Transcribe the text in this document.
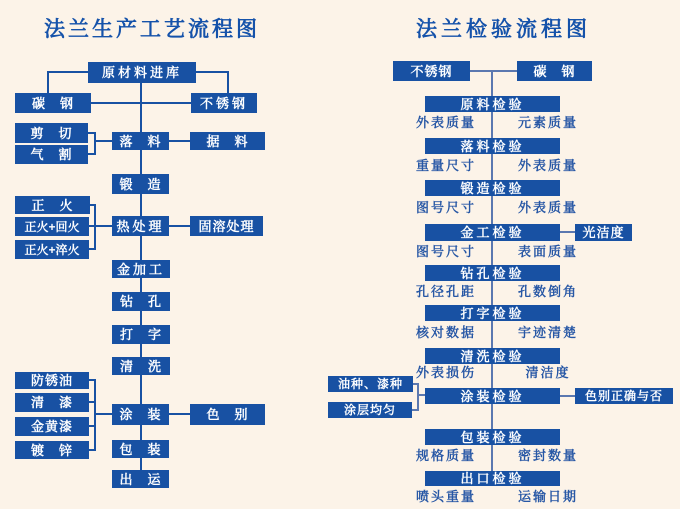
法兰生产工艺流程图
原材料进库
碳　钢	不锈钢
剪　切
气　割
落　料	据　料
锻　造
正　火
正火+回火
正火+淬火
热处理	固溶处理
金加工
钻　孔
打　字
清　洗
防锈油
清　漆
金黄漆
镀　锌
涂　装	色　别
包　装
出　运
法兰检验流程图
不锈钢	碳　钢
原料检验
外表质量	元素质量
落料检验
重量尺寸	外表质量
锻造检验
图号尺寸	外表质量
金工检验	光洁度
图号尺寸	表面质量
钻孔检验
孔径孔距	孔数倒角
打字检验
核对数据	宇迹清楚
清洗检验
外表损伤	清洁度
油种、漆种
涂层均匀
涂装检验	色别正确与否
包装检验
规格质量	密封数量
出口检验
喷头重量	运输日期
